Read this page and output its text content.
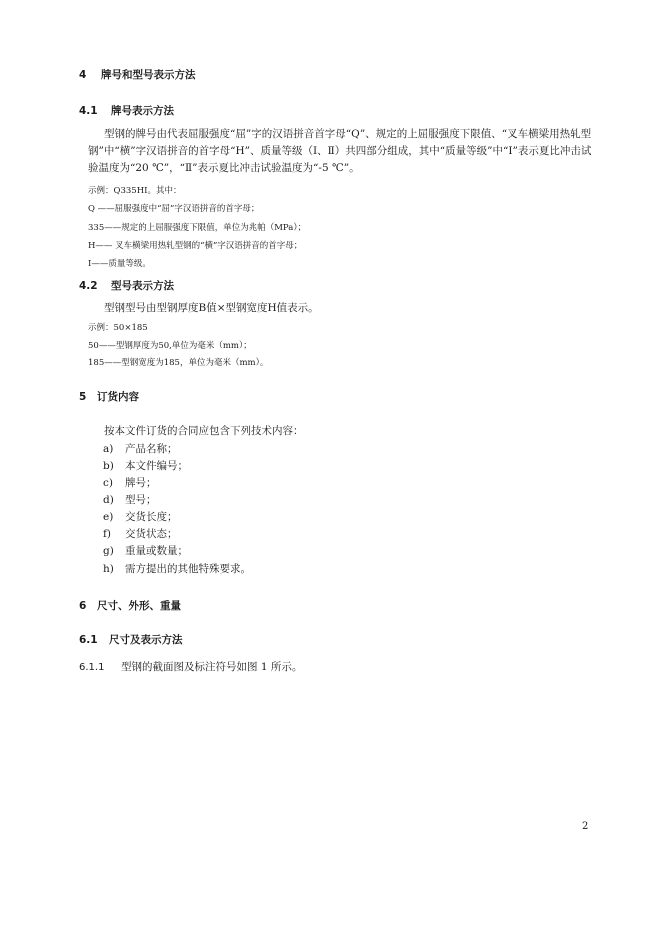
4 牌号和型号表示方法
4.1 牌号表示方法
型钢的牌号由代表屈服强度“屈”字的汉语拼音首字母“Q”、规定的上屈服强度下限值、“叉车横梁用热轧型钢”中“横”字汉语拼音的首字母“H”、质量等级（Ⅰ、Ⅱ）共四部分组成，其中“质量等级”中“Ⅰ”表示夏比冲击试验温度为“20 ℃”，“Ⅱ”表示夏比冲击试验温度为“-5 ℃”。
示例：Q335HⅠ。其中：
Q ——屈服强度中“屈”字汉语拼音的首字母；
335——规定的上屈服强度下限值，单位为兆帕（MPa）；
H—— 叉车横梁用热轧型钢的“横”字汉语拼音的首字母；
Ⅰ——质量等级。
4.2 型号表示方法
型钢型号由型钢厚度B值×型钢宽度H值表示。
示例：50×185
50——型钢厚度为50,单位为毫米（mm）；
185——型钢宽度为185，单位为毫米（mm）。
5 订货内容
按本文件订货的合同应包含下列技术内容：
a) 产品名称；
b) 本文件编号；
c) 牌号；
d) 型号；
e) 交货长度；
f) 交货状态；
g) 重量或数量；
h) 需方提出的其他特殊要求。
6 尺寸、外形、重量
6.1 尺寸及表示方法
6.1.1 型钢的截面图及标注符号如图 1 所示。
2
